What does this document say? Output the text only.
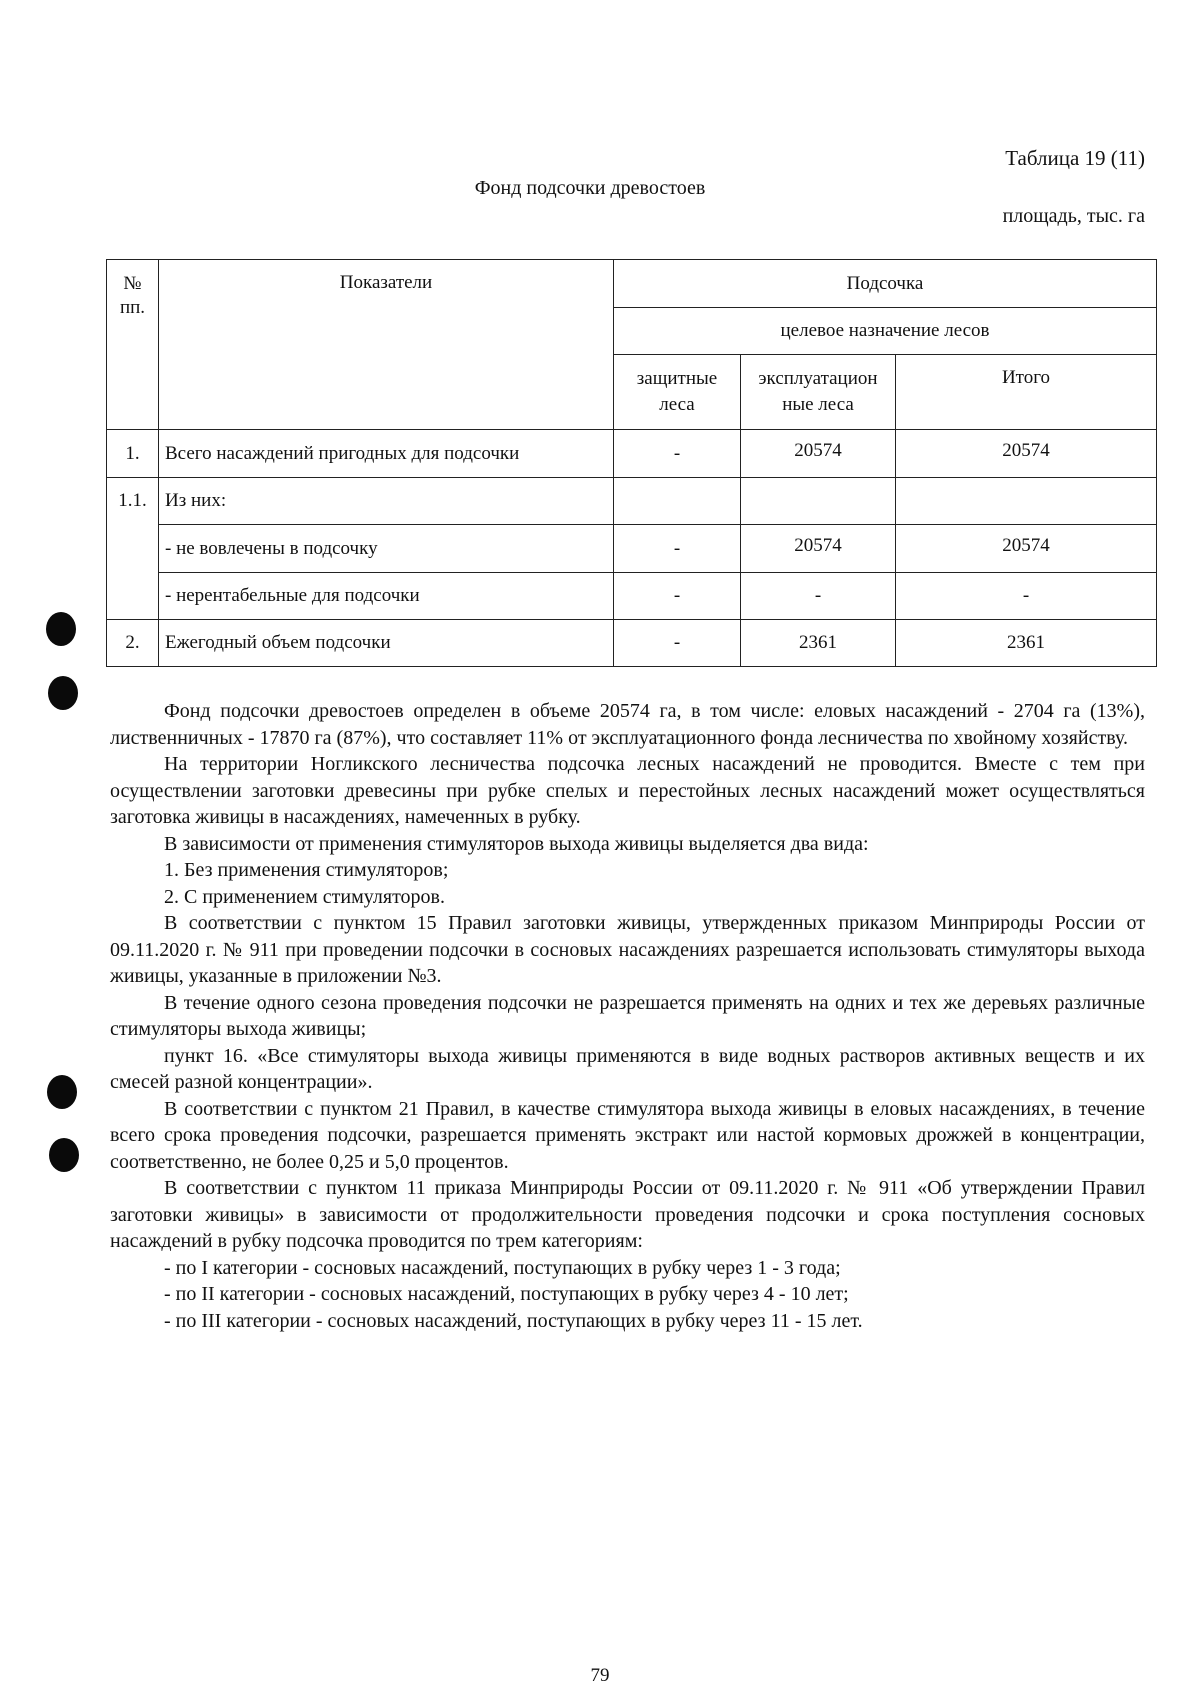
Таблица 19 (11)
Фонд подсочки древостоев
площадь, тыс. га
№ пп.	Показатели	Подсочка		
		целевое назначение лесов		
		защитные леса	эксплуатацион ные леса	Итого
1.	Всего насаждений пригодных для подсочки	-	20574	20574
1.1.	Из них:			
	- не вовлечены в подсочку	-	20574	20574
	- нерентабельные для подсочки	-	-	-
2.	Ежегодный объем подсочки	-	2361	2361

Фонд подсочки древостоев определен в объеме 20574 га, в том числе: еловых насаждений - 2704 га (13%), лиственничных - 17870 га (87%), что составляет 11% от эксплуатационного фонда лесничества по хвойному хозяйству.

На территории Ногликского лесничества подсочка лесных насаждений не проводится. Вместе с тем при осуществлении заготовки древесины при рубке спелых и перестойных лесных насаждений может осуществляться заготовка живицы в насаждениях, намеченных в рубку.

В зависимости от применения стимуляторов выхода живицы выделяется два вида:

1. Без применения стимуляторов;

2. С применением стимуляторов.

В соответствии с пунктом 15 Правил заготовки живицы, утвержденных приказом Минприроды России от 09.11.2020 г. № 911 при проведении подсочки в сосновых насаждениях разрешается использовать стимуляторы выхода живицы, указанные в приложении №3.

В течение одного сезона проведения подсочки не разрешается применять на одних и тех же деревьях различные стимуляторы выхода живицы;

пункт 16. «Все стимуляторы выхода живицы применяются в виде водных растворов активных веществ и их смесей разной концентрации».

В соответствии с пунктом 21 Правил, в качестве стимулятора выхода живицы в еловых насаждениях, в течение всего срока проведения подсочки, разрешается применять экстракт или настой кормовых дрожжей в концентрации, соответственно, не более 0,25 и 5,0 процентов.

В соответствии с пунктом 11 приказа Минприроды России от 09.11.2020 г. № 911 «Об утверждении Правил заготовки живицы» в зависимости от продолжительности проведения подсочки и срока поступления сосновых насаждений в рубку подсочка проводится по трем категориям:

- по I категории - сосновых насаждений, поступающих в рубку через 1 - 3 года;

- по II категории - сосновых насаждений, поступающих в рубку через 4 - 10 лет;

- по III категории - сосновых насаждений, поступающих в рубку через 11 - 15 лет.

79
